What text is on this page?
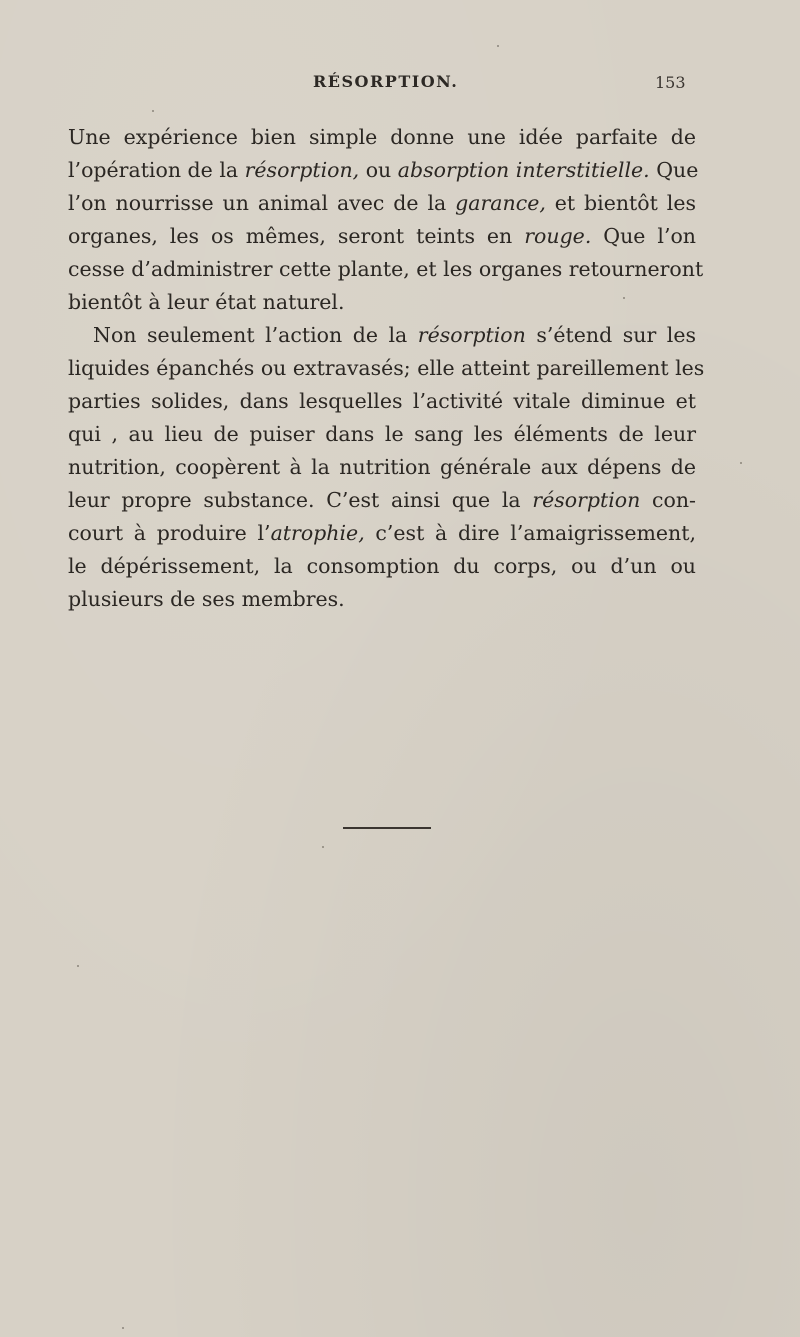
RÉSORPTION.	153
Une expérience bien simple donne une idée parfaite de
l’opération de la résorption, ou absorption interstitielle. Que
l’on nourrisse un animal avec de la garance, et bientôt les
organes, les os mêmes, seront teints en rouge. Que l’on
cesse d’administrer cette plante, et les organes retourneront
bientôt à leur état naturel.
Non seulement l’action de la résorption s’étend sur les
liquides épanchés ou extravasés; elle atteint pareillement les
parties solides, dans lesquelles l’activité vitale diminue et
qui , au lieu de puiser dans le sang les éléments de leur
nutrition, coopèrent à la nutrition générale aux dépens de
leur propre substance. C’est ainsi que la résorption con-
court à produire l’atrophie, c’est à dire l’amaigrissement,
le dépérissement, la consomption du corps, ou d’un ou
plusieurs de ses membres.
